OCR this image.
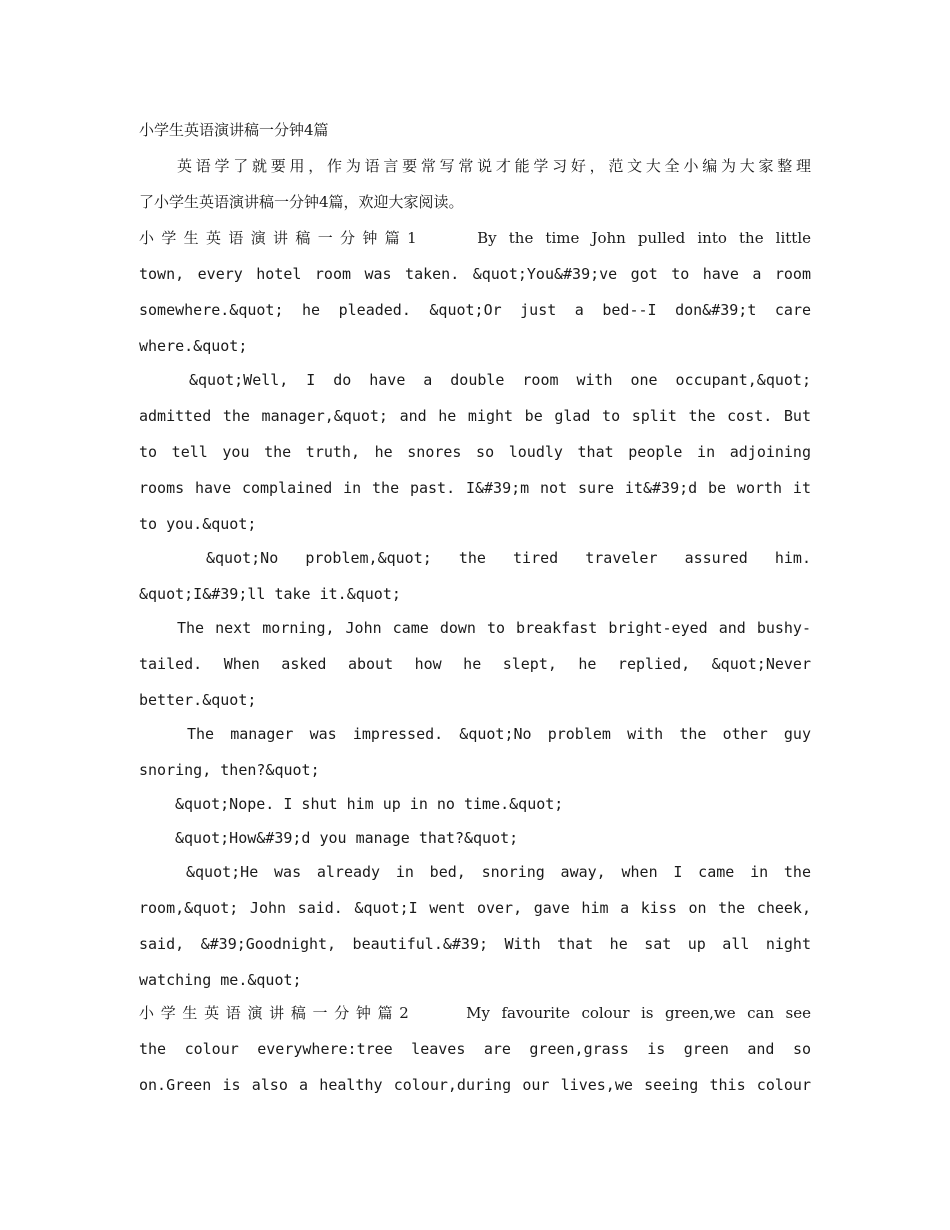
小学生英语演讲稿一分钟4篇
英语学了就要用，作为语言要常写常说才能学习好，范文大全小编为大家整理
了小学生英语演讲稿一分钟4篇，欢迎大家阅读。
小学生英语演讲稿一分钟篇1     By the time John pulled into the little
town, every hotel room was taken. &quot;You&#39;ve got to have a room
somewhere.&quot; he pleaded. &quot;Or just a bed--I don&#39;t care
where.&quot;
&quot;Well, I do have a double room with one occupant,&quot;
admitted the manager,&quot; and he might be glad to split the cost. But
to tell you the truth, he snores so loudly that people in adjoining
rooms have complained in the past. I&#39;m not sure it&#39;d be worth it
to you.&quot;
&quot;No problem,&quot; the tired traveler assured him.
&quot;I&#39;ll take it.&quot;
The next morning, John came down to breakfast bright-eyed and bushy-
tailed. When asked about how he slept, he replied, &quot;Never
better.&quot;
The manager was impressed. &quot;No problem with the other guy
snoring, then?&quot;
&quot;Nope. I shut him up in no time.&quot;
&quot;How&#39;d you manage that?&quot;
&quot;He was already in bed, snoring away, when I came in the
room,&quot; John said. &quot;I went over, gave him a kiss on the cheek,
said, &#39;Goodnight, beautiful.&#39; With that he sat up all night
watching me.&quot;
小学生英语演讲稿一分钟篇2     My favourite colour is green,we can see
the colour everywhere:tree leaves are green,grass is green and so
on.Green is also a healthy colour,during our lives,we seeing this colour
